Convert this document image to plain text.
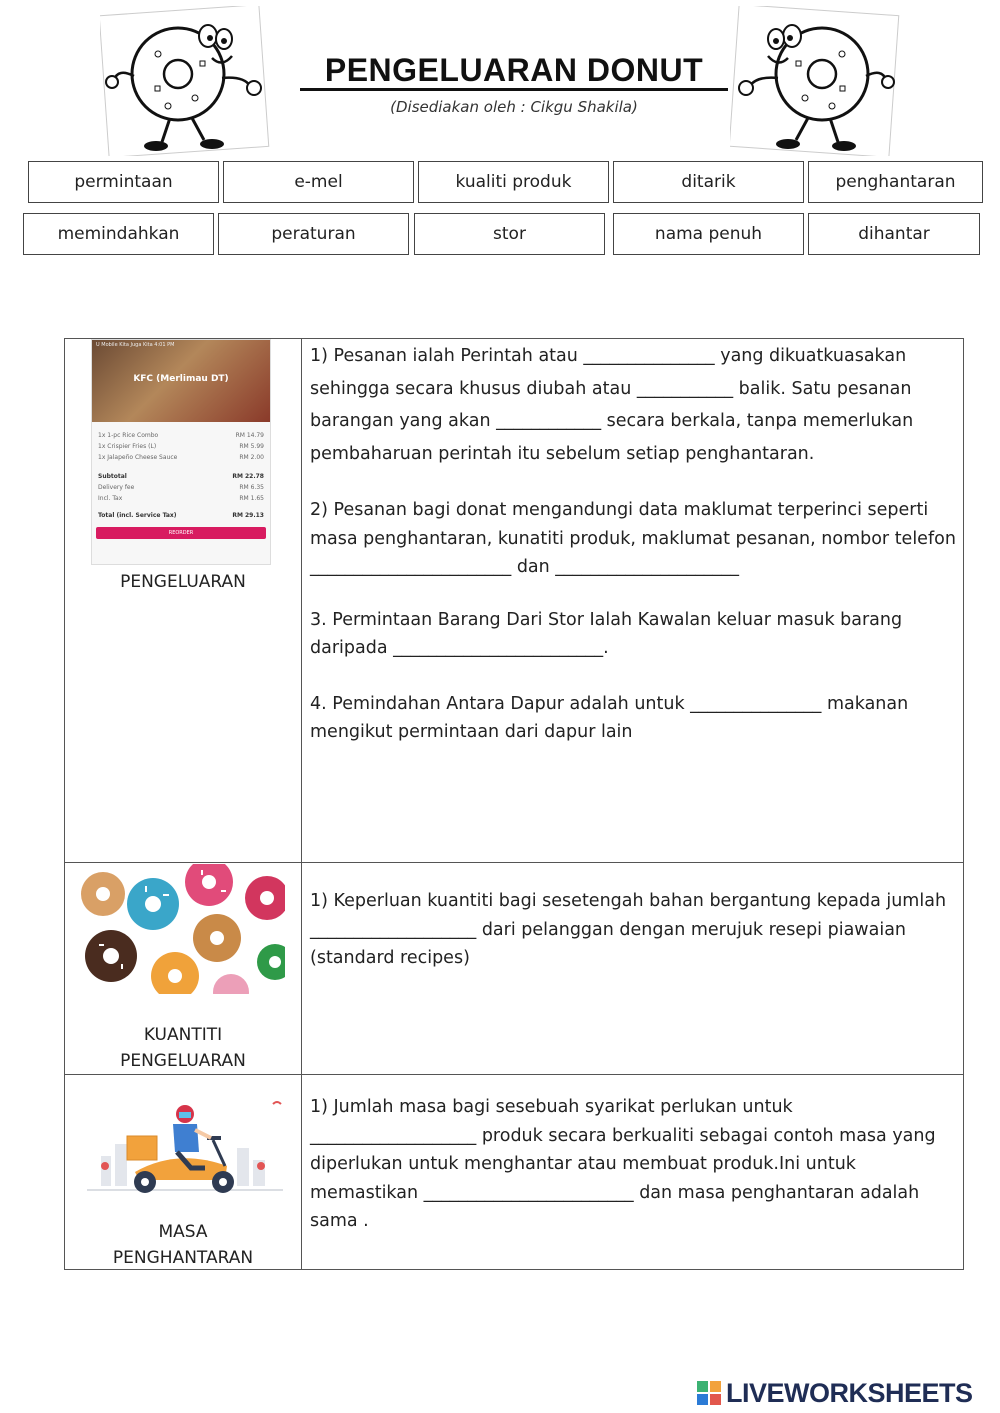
PENGELUARAN DONUT
(Disediakan oleh : Cikgu Shakila)
permintaan	e-mel	kualiti produk	ditarik	penghantaran
memindahkan	peraturan	stor	nama penuh	dihantar
U Mobile Kita Juga Kita 4:01 PM
KFC (Merlimau DT)
1x 1-pc Rice Combo	RM 14.79
1x Crispier Fries (L)	RM 5.99
1x Jalapeño Cheese Sauce	RM 2.00
Subtotal	RM 22.78
Delivery fee	RM 6.35
Incl. Tax	RM 1.65
Total (incl. Service Tax)	RM 29.13
REORDER
PENGELUARAN

1) Pesanan ialah Perintah atau _______________ yang dikuatkuasakan sehingga secara khusus diubah atau ___________ balik. Satu pesanan barangan yang akan ____________ secara berkala, tanpa memerlukan pembaharuan perintah itu sebelum setiap penghantaran.

2) Pesanan bagi donat mengandungi data maklumat terperinci seperti masa penghantaran, kunatiti produk, maklumat pesanan, nombor telefon _______________________ dan _____________________

3. Permintaan Barang Dari Stor Ialah Kawalan keluar masuk barang daripada ________________________.

4. Pemindahan Antara Dapur adalah untuk _______________ makanan mengikut permintaan dari dapur lain

KUANTITI
PENGELUARAN

1) Keperluan kuantiti bagi sesetengah bahan bergantung kepada jumlah ___________________ dari pelanggan dengan merujuk resepi piawaian (standard recipes)

MASA
PENGHANTARAN

1) Jumlah masa bagi sesebuah syarikat perlukan untuk ___________________ produk secara berkualiti sebagai contoh masa yang diperlukan untuk menghantar atau membuat produk.Ini untuk memastikan ________________________ dan masa penghantaran adalah sama .

LIVEWORKSHEETS
